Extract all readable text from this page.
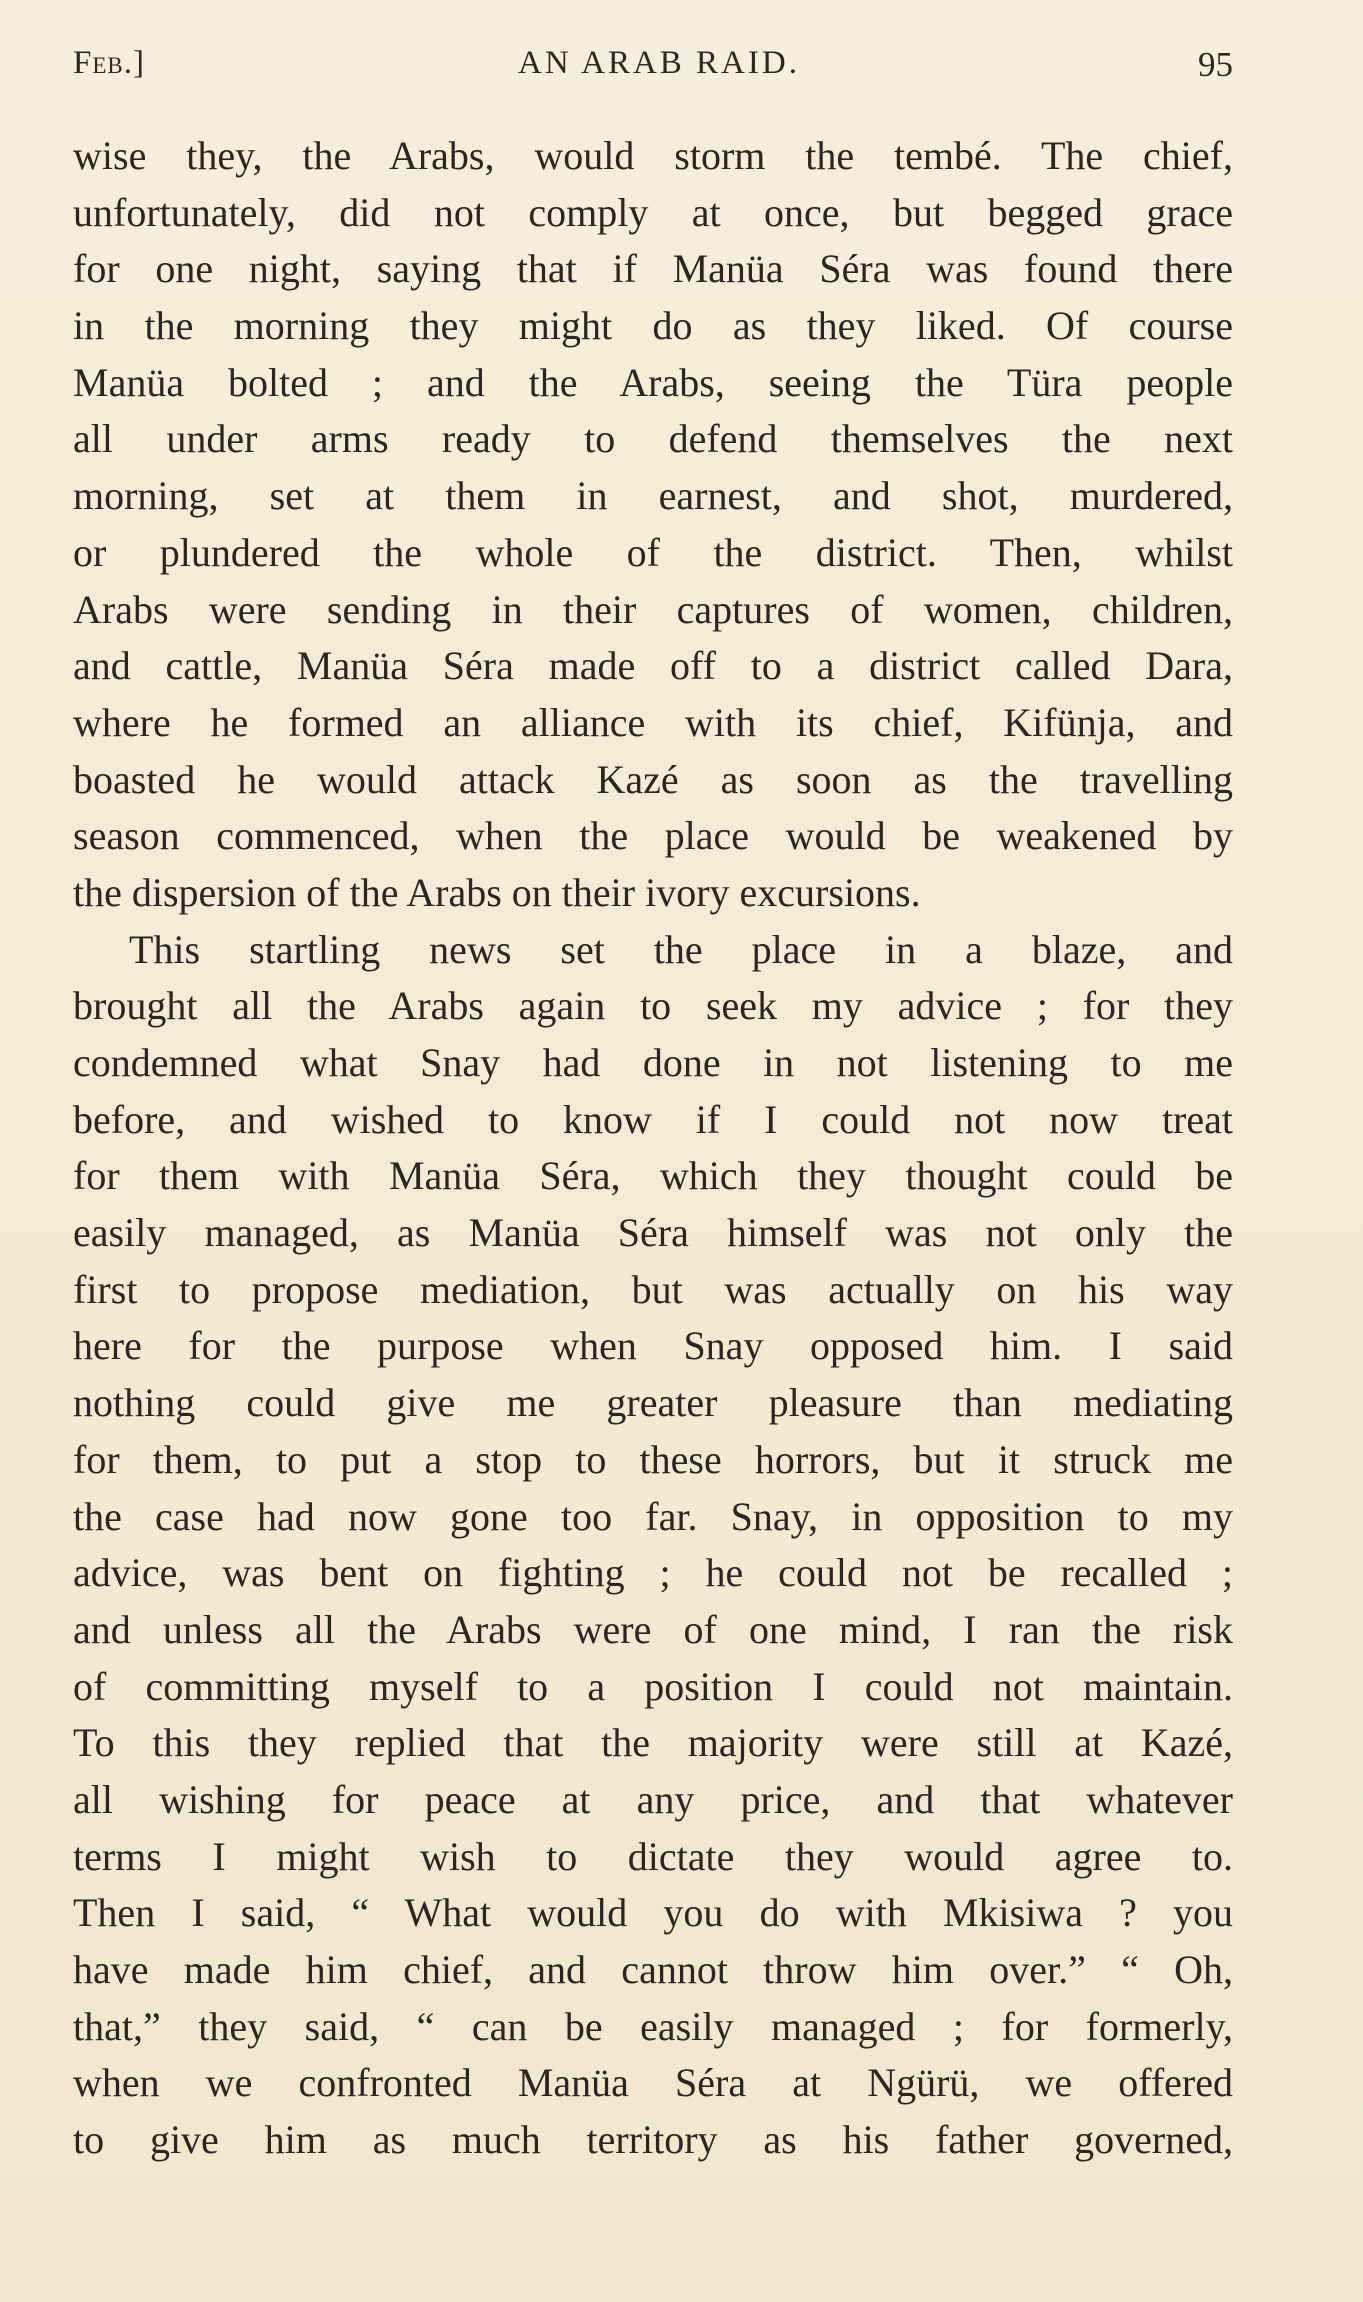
Feb.]	AN ARAB RAID.	95
wise they, the Arabs, would storm the tembé. The chief,
unfortunately, did not comply at once, but begged grace
for one night, saying that if Manüa Séra was found there
in the morning they might do as they liked. Of course
Manüa bolted ; and the Arabs, seeing the Türa people
all under arms ready to defend themselves the next
morning, set at them in earnest, and shot, murdered,
or plundered the whole of the district. Then, whilst
Arabs were sending in their captures of women, children,
and cattle, Manüa Séra made off to a district called Dara,
where he formed an alliance with its chief, Kifünja, and
boasted he would attack Kazé as soon as the travelling
season commenced, when the place would be weakened by
the dispersion of the Arabs on their ivory excursions.
This startling news set the place in a blaze, and
brought all the Arabs again to seek my advice ; for they
condemned what Snay had done in not listening to me
before, and wished to know if I could not now treat
for them with Manüa Séra, which they thought could be
easily managed, as Manüa Séra himself was not only the
first to propose mediation, but was actually on his way
here for the purpose when Snay opposed him. I said
nothing could give me greater pleasure than mediating
for them, to put a stop to these horrors, but it struck me
the case had now gone too far. Snay, in opposition to my
advice, was bent on fighting ; he could not be recalled ;
and unless all the Arabs were of one mind, I ran the risk
of committing myself to a position I could not maintain.
To this they replied that the majority were still at Kazé,
all wishing for peace at any price, and that whatever
terms I might wish to dictate they would agree to.
Then I said, “ What would you do with Mkisiwa ? you
have made him chief, and cannot throw him over.” “ Oh,
that,” they said, “ can be easily managed ; for formerly,
when we confronted Manüa Séra at Ngürü, we offered
to give him as much territory as his father governed,
